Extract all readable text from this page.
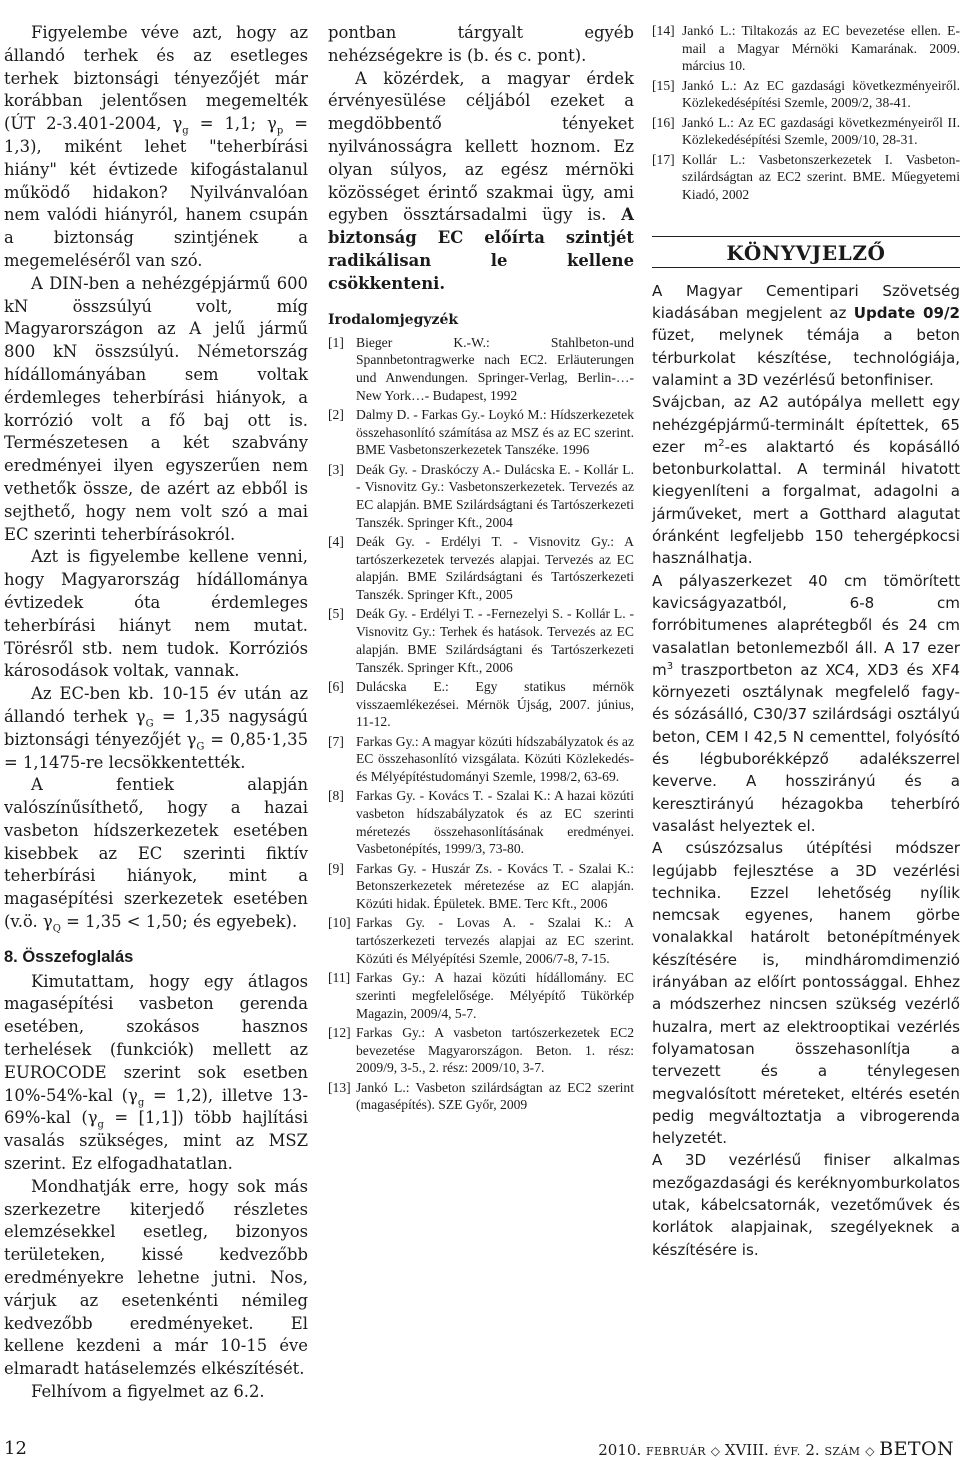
Figyelembe véve azt, hogy az állandó terhek és az esetleges terhek biztonsági tényezőjét már korábban jelentősen megemelték (ÚT 2-3.401-2004, $\gamma_g = 1,1$; $\gamma_p = 1,3$), miként lehet "teherbírási hiány" két évtizede kifogástalanul működő hidakon? Nyilvánvalóan nem valódi hiányról, hanem csupán a biztonság szintjének a megemeléséről van szó.

A DIN-ben a nehézgépjármű 600 kN összsúlyú volt, míg Magyarországon az A jelű jármű 800 kN összsúlyú. Németország hídállományában sem voltak érdemleges teherbírási hiányok, a korrózió volt a fő baj ott is. Természetesen a két szabvány eredményei ilyen egyszerűen nem vethetők össze, de azért az ebből is sejthető, hogy nem volt szó a mai EC szerinti teherbírásokról.

Azt is figyelembe kellene venni, hogy Magyarország hídállománya évtizedek óta érdemleges teherbírási hiányt nem mutat. Törésről stb. nem tudok. Korróziós károsodások voltak, vannak.

Az EC-ben kb. 10-15 év után az állandó terhek $\gamma_G = 1,35$ nagyságú biztonsági tényezőjét $\gamma_G = 0,85\cdot 1,35 = 1,1475-re$ lecsökkentették.

A fentiek alapján valószínűsíthető, hogy a hazai vasbeton hídszerkezetek esetében kisebbek az EC szerinti fiktív teherbírási hiányok, mint a magasépítési szerkezetek esetében (v.ö. $\gamma_Q = 1,35 < 1,50$; és egyebek).

8. Összefoglalás

Kimutattam, hogy egy átlagos magasépítési vasbeton gerenda esetében, szokásos hasznos terhelések (funkciók) mellett az EUROCODE szerint sok esetben 10%-54%-kal $(\gamma_g = 1,2)$, illetve 13-69%-kal $(\gamma_g = [1,1])$ több hajlítási vasalás szükséges, mint az MSZ szerint. Ez elfogadhatatlan.

Mondhatják erre, hogy sok más szerkezetre kiterjedő részletes elemzésekkel esetleg, bizonyos területeken, kissé kedvezőbb eredményekre lehetne jutni. Nos, várjuk az esetenkénti némileg kedvezőbb eredményeket. El kellene kezdeni a már 10-15 éve elmaradt hatáselemzés elkészítését.

Felhívom a figyelmet az 6.2.

pontban tárgyalt egyéb nehézségekre is (b. és c. pont).

A közérdek, a magyar érdek érvényesülése céljából ezeket a megdöbbentő tényeket nyilvánosságra kellett hoznom. Ez olyan súlyos, az egész mérnöki közösséget érintő szakmai ügy, ami egyben össztársadalmi ügy is. A biztonság EC előírta szintjét radikálisan le kellene csökkenteni.

Irodalomjegyzék
[1] Bieger K.-W.: Stahlbeton-und Spannbetontragwerke nach EC2. Erläuterungen und Anwendungen. Springer-Verlag, Berlin-…-New York…- Budapest, 1992
[2] Dalmy D. - Farkas Gy.- Loykó M.: Hídszerkezetek összehasonlító számítása az MSZ és az EC szerint. BME Vasbetonszerkezetek Tanszéke. 1996
[3] Deák Gy. - Draskóczy A.- Dulácska E. - Kollár L. - Visnovitz Gy.: Vasbetonszerkezetek. Tervezés az EC alapján. BME Szilárdságtani és Tartószerkezeti Tanszék. Springer Kft., 2004
[4] Deák Gy. - Erdélyi T. - Visnovitz Gy.: A tartószerkezetek tervezés alapjai. Tervezés az EC alapján. BME Szilárdságtani és Tartószerkezeti Tanszék. Springer Kft., 2005
[5] Deák Gy. - Erdélyi T. - -Fernezelyi S. - Kollár L. - Visnovitz Gy.: Terhek és hatások. Tervezés az EC alapján. BME Szilárdságtani és Tartószerkezeti Tanszék. Springer Kft., 2006
[6] Dulácska E.: Egy statikus mérnök visszaemlékezései. Mérnök Újság, 2007. június, 11-12.
[7] Farkas Gy.: A magyar közúti hídszabályzatok és az EC összehasonlító vizsgálata. Közúti Közlekedés- és Mélyépítéstudományi Szemle, 1998/2, 63-69.
[8] Farkas Gy. - Kovács T. - Szalai K.: A hazai közúti vasbeton hídszabályzatok és az EC szerinti méretezés összehasonlításának eredményei. Vasbetonépítés, 1999/3, 73-80.
[9] Farkas Gy. - Huszár Zs. - Kovács T. - Szalai K.: Betonszerkezetek méretezése az EC alapján. Közúti hidak. Épületek. BME. Terc Kft., 2006
[10] Farkas Gy. - Lovas A. - Szalai K.: A tartószerkezeti tervezés alapjai az EC szerint. Közúti és Mélyépítési Szemle, 2006/7-8, 7-15.
[11] Farkas Gy.: A hazai közúti hídállomány. EC szerinti megfelelősége. Mélyépítő Tükörkép Magazin, 2009/4, 5-7.
[12] Farkas Gy.: A vasbeton tartószerkezetek EC2 bevezetése Magyarországon. Beton. 1. rész: 2009/9, 3-5., 2. rész: 2009/10, 3-7.
[13] Jankó L.: Vasbeton szilárdságtan az EC2 szerint (magasépítés). SZE Győr, 2009
[14] Jankó L.: Tiltakozás az EC bevezetése ellen. E-mail a Magyar Mérnöki Kamarának. 2009. március 10.
[15] Jankó L.: Az EC gazdasági következményeiről. Közlekedésépítési Szemle, 2009/2, 38-41.
[16] Jankó L.: Az EC gazdasági következményeiről II. Közlekedésépítési Szemle, 2009/10, 28-31.
[17] Kollár L.: Vasbetonszerkezetek I. Vasbeton-szilárdságtan az EC2 szerint. BME. Műegyetemi Kiadó, 2002
KÖNYVJELZŐ

A Magyar Cementipari Szövetség kiadásában megjelent az Update 09/2 füzet, melynek témája a beton térburkolat készítése, technológiája, valamint a 3D vezérlésű betonfiniser.

Svájcban, az A2 autópálya mellett egy nehézgépjármű-terminált építettek, 65 ezer $m^2-es$ alaktartó és kopásálló betonburkolattal. A terminál hivatott kiegyenlíteni a forgalmat, adagolni a járműveket, mert a Gotthard alagutat óránként legfeljebb 150 tehergépkocsi használhatja.

A pályaszerkezet 40 cm tömörített kavicságyazatból, 6-8 cm forróbitumenes alaprétegből és 24 cm vasalatlan betonlemezből áll. A 17 ezer $m^3$ traszportbeton az XC4, XD3 és XF4 környezeti osztálynak megfelelő fagy- és sózásálló, C30/37 szilárdsági osztályú beton, CEM I 42,5 N cementtel, folyósító és légbuborékképző adalékszerrel keverve. A hosszirányú és a keresztirányú hézagokba teherbíró vasalást helyeztek el.

A csúszózsalus útépítési módszer legújabb fejlesztése a 3D vezérlési technika. Ezzel lehetőség nyílik nemcsak egyenes, hanem görbe vonalakkal határolt betonépítmények készítésére is, mindháromdimenzió irányában az előírt pontossággal. Ehhez a módszerhez nincsen szükség vezérlő huzalra, mert az elektrooptikai vezérlés folyamatosan összehasonlítja a tervezett és a ténylegesen megvalósított méreteket, eltérés esetén pedig megváltoztatja a vibrogerenda helyzetét.

A 3D vezérlésű finiser alkalmas mezőgazdasági és keréknyomburkolatos utak, kábelcsatornák, vezetőművek és korlátok alapjainak, szegélyeknek a készítésére is.

12	2010. FEBRUÁR ◇ XVIII. ÉVF. 2. SZÁM ◇ BETON
